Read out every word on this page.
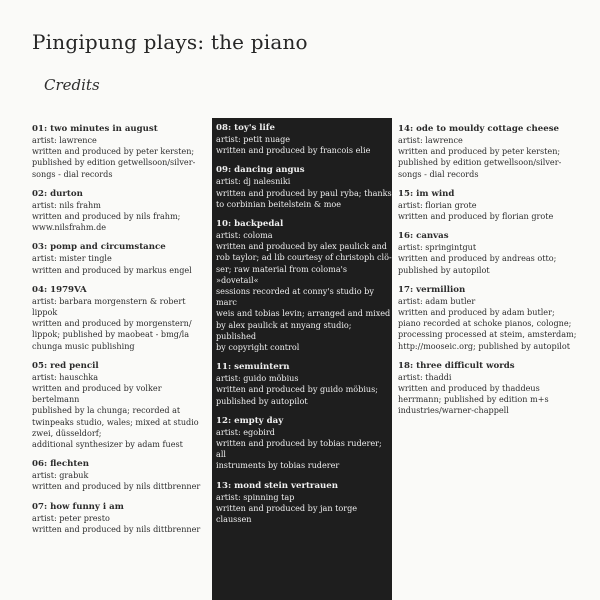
Pingipung plays: the piano
Credits
01: two minutes in august
artist: lawrence
written and produced by peter kersten;
published by edition getwellsoon/silver-
songs - dial records
02: durton
artist: nils frahm
written and produced by nils frahm;
www.nilsfrahm.de
03: pomp and circumstance
artist: mister tingle
written and produced by markus engel
04: 1979VA
artist: barbara morgenstern & robert lippok
written and produced by morgenstern/
lippok; published by maobeat - bmg/la
chunga music publishing
05: red pencil
artist: hauschka
written and produced by volker bertelmann
published by la chunga; recorded at
twinpeaks studio, wales; mixed at studio
zwei, düsseldorf;
additional synthesizer by adam fuest
06: flechten
artist: grabuk
written and produced by nils dittbrenner
07: how funny i am
artist: peter presto
written and produced by nils dittbrenner
08: toy's life
artist: petit nuage
written and produced by francois elie
09: dancing angus
artist: dj nalesniki
written and produced by paul ryba; thanks
to corbinian beitelstein & moe
10: backpedal
artist: coloma
written and produced by alex paulick and
rob taylor; ad lib courtesy of christoph clö-
ser; raw material from coloma's »dovetail«
sessions recorded at conny's studio by marc
weis and tobias levin; arranged and mixed
by alex paulick at nnyang studio; published
by copyright control
11: semuintern
artist: guido möbius
written and produced by guido möbius;
published by autopilot
12: empty day
artist: egobird
written and produced by tobias ruderer; all
instruments by tobias ruderer
13: mond stein vertrauen
artist: spinning tap
written and produced by jan torge claussen
14: ode to mouldy cottage cheese
artist: lawrence
written and produced by peter kersten;
published by edition getwellsoon/silver-
songs - dial records
15: im wind
artist: florian grote
written and produced by florian grote
16: canvas
artist: springintgut
written and produced by andreas otto;
published by autopilot
17: vermillion
artist: adam butler
written and produced by adam butler;
piano recorded at schoke pianos, cologne;
processing processed at steim, amsterdam;
http://mooseic.org; published by autopilot
18: three difficult words
artist: thaddi
written and produced by thaddeus
herrmann; published by edition m+s
industries/warner-chappell
